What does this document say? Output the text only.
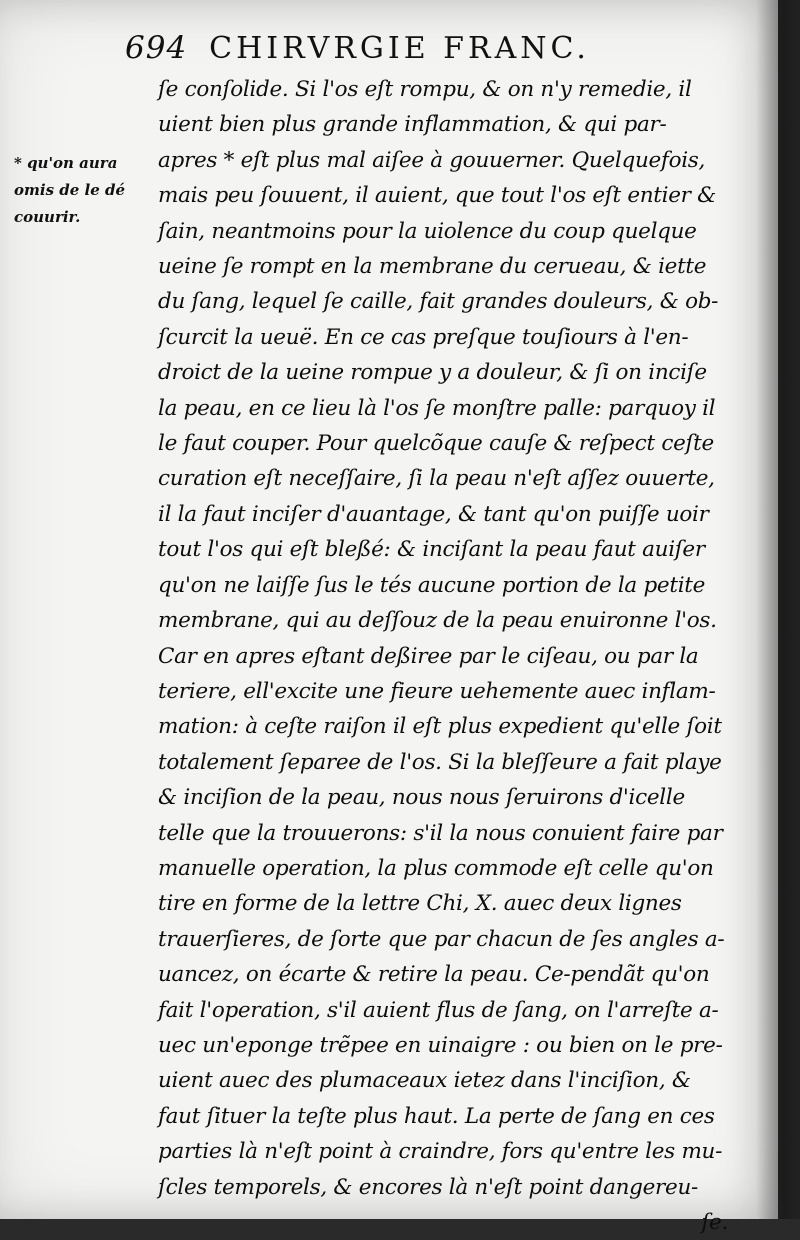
694 CHIRVRGIE FRANC.
* qu'on aura
omis de le dé
couurir.
ſe conſolide. Si l'os eſt rompu, & on n'y remedie, il
uient bien plus grande inflammation, & qui par-
apres * eſt plus mal aiſee à gouuerner. Quelquefois,
mais peu ſouuent, il auient, que tout l'os eſt entier &
ſain, neantmoins pour la uiolence du coup quelque
ueine ſe rompt en la membrane du cerueau, & iette
du ſang, lequel ſe caille, fait grandes douleurs, & ob-
ſcurcit la ueuë. En ce cas preſque touſiours à l'en-
droict de la ueine rompue y a douleur, & ſi on inciſe
la peau, en ce lieu là l'os ſe monſtre palle: parquoy il
le faut couper. Pour quelcõque cauſe & reſpect ceſte
curation eſt neceſſaire, ſi la peau n'eſt aſſez ouuerte,
il la faut inciſer d'auantage, & tant qu'on puiſſe uoir
tout l'os qui eſt bleßé: & inciſant la peau faut auiſer
qu'on ne laiſſe ſus le tés aucune portion de la petite
membrane, qui au deſſouz de la peau enuironne l'os.
Car en apres eſtant deßiree par le ciſeau, ou par la
teriere, ell'excite une fieure uehemente auec inflam-
mation: à ceſte raiſon il eſt plus expedient qu'elle ſoit
totalement ſeparee de l'os. Si la bleſſeure a fait playe
& inciſion de la peau, nous nous ſeruirons d'icelle
telle que la trouuerons: s'il la nous conuient faire par
manuelle operation, la plus commode eſt celle qu'on
tire en forme de la lettre Chi, X. auec deux lignes
trauerſieres, de ſorte que par chacun de ſes angles a-
uancez, on écarte & retire la peau. Ce-pendãt qu'on
fait l'operation, s'il auient flus de ſang, on l'arreſte a-
uec un'eponge trẽpee en uinaigre : ou bien on le pre-
uient auec des plumaceaux ietez dans l'inciſion, &
faut ſituer la teſte plus haut. La perte de ſang en ces
parties là n'eſt point à craindre, fors qu'entre les mu-
ſcles temporels, & encores là n'eſt point dangereu-
ſe.
